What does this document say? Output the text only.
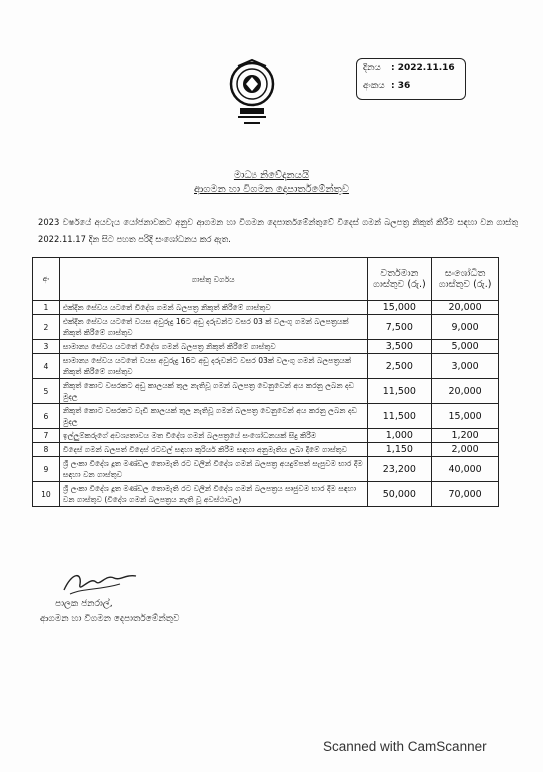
දිනය	: 2022.11.16
අංකය : 36
මාධ්‍ය නිවේදනයයි
ආගමන හා විගමන දෙපාර්තමේන්තුව
2023 වර්ෂයේ අයවැය යෝජනාවකට අනුව ආගමන හා විගමන දෙපාර්තමේන්තුවේ විදෙස් ගමන් බලපත්‍ර නිකුත් කිරීම සඳහා වන ගාස්තු 2022.11.17 දින සිට පහත පරිදි සංශෝධනය කර ඇත.
අං	ගාස්තු වර්ගය	වර්තමාන ගාස්තුව (රු.)	සංශෝධිත ගාස්තුව (රු.)
1	එක්දින සේවය යටතේ විදේශ ගමන් බලපත්‍ර නිකුත් කිරීමේ ගාස්තුව	15,000	20,000
2	එක්දින සේවය යටතේ වයස අවුරුදු 16ට අඩු දරුවන්ට වසර 03 ක් වලංගු ගමන් බලපත්‍රයක් නිකුත් කිරීමේ ගාස්තුව	7,500	9,000
3	සාමාන්‍ය සේවය යටතේ විදේශ ගමන් බලපත්‍ර නිකුත් කිරීමේ ගාස්තුව	3,500	5,000
4	සාමාන්‍ය සේවය යටතේ වයස අවුරුදු 16ට අඩු දරුවන්ට වසර 03ක් වලංගු ගමන් බලපත්‍රයක් නිකුත් කිරීමේ ගාස්තුව	2,500	3,000
5	නිකුත් කොට වසරකට අඩු කාලයක් තුල නැතිවූ ගමන් බලපත්‍ර වෙනුවෙන් අය කරනු ලබන දඩ මුදල	11,500	20,000
6	නිකුත් කොට වසරකට වැඩි කාලයක් තුල නැතිවූ ගමන් බලපත්‍ර වෙනුවෙන් අය කරනු ලබන දඩ මුදල	11,500	15,000
7	ඉල්ලුම්කරුගේ අවශ්‍යතාවය මත විදේශ ගමන් බලපත්‍රයේ සංශෝධනයක් සිදු කිරීම	1,000	1,200
8	විදෙස් ගමන් බලපත් විදෙස් රටවල් සඳහා කුරියර් කිරීම සඳහා අනුමැතිය ලබා දීමේ ගාස්තුව	1,150	2,000
9	ශ්‍රී ලංකා විදේශ දූත මණ්ඩල තොමැති රට වලින් විදේශ ගමන් බලපත්‍ර අයදුම්පත් සැපුවම භාර දීම සඳහා වන ගාස්තුව	23,200	40,000
10	ශ්‍රී ලංකා විදේශ දූත මණ්ඩල තොමැති රට වලින් විදේශ ගමන් බලපත්‍රය සෘජුවම භාර දීම සඳහා වන ගාස්තුව (විදේශ ගමන් බලපත්‍රය නැති වූ අවස්ථාවල)	50,000	70,000
පාලක ජනරාල්,
ආගමන හා විගමන දෙපාර්තමේන්තුව
Scanned with CamScanner
